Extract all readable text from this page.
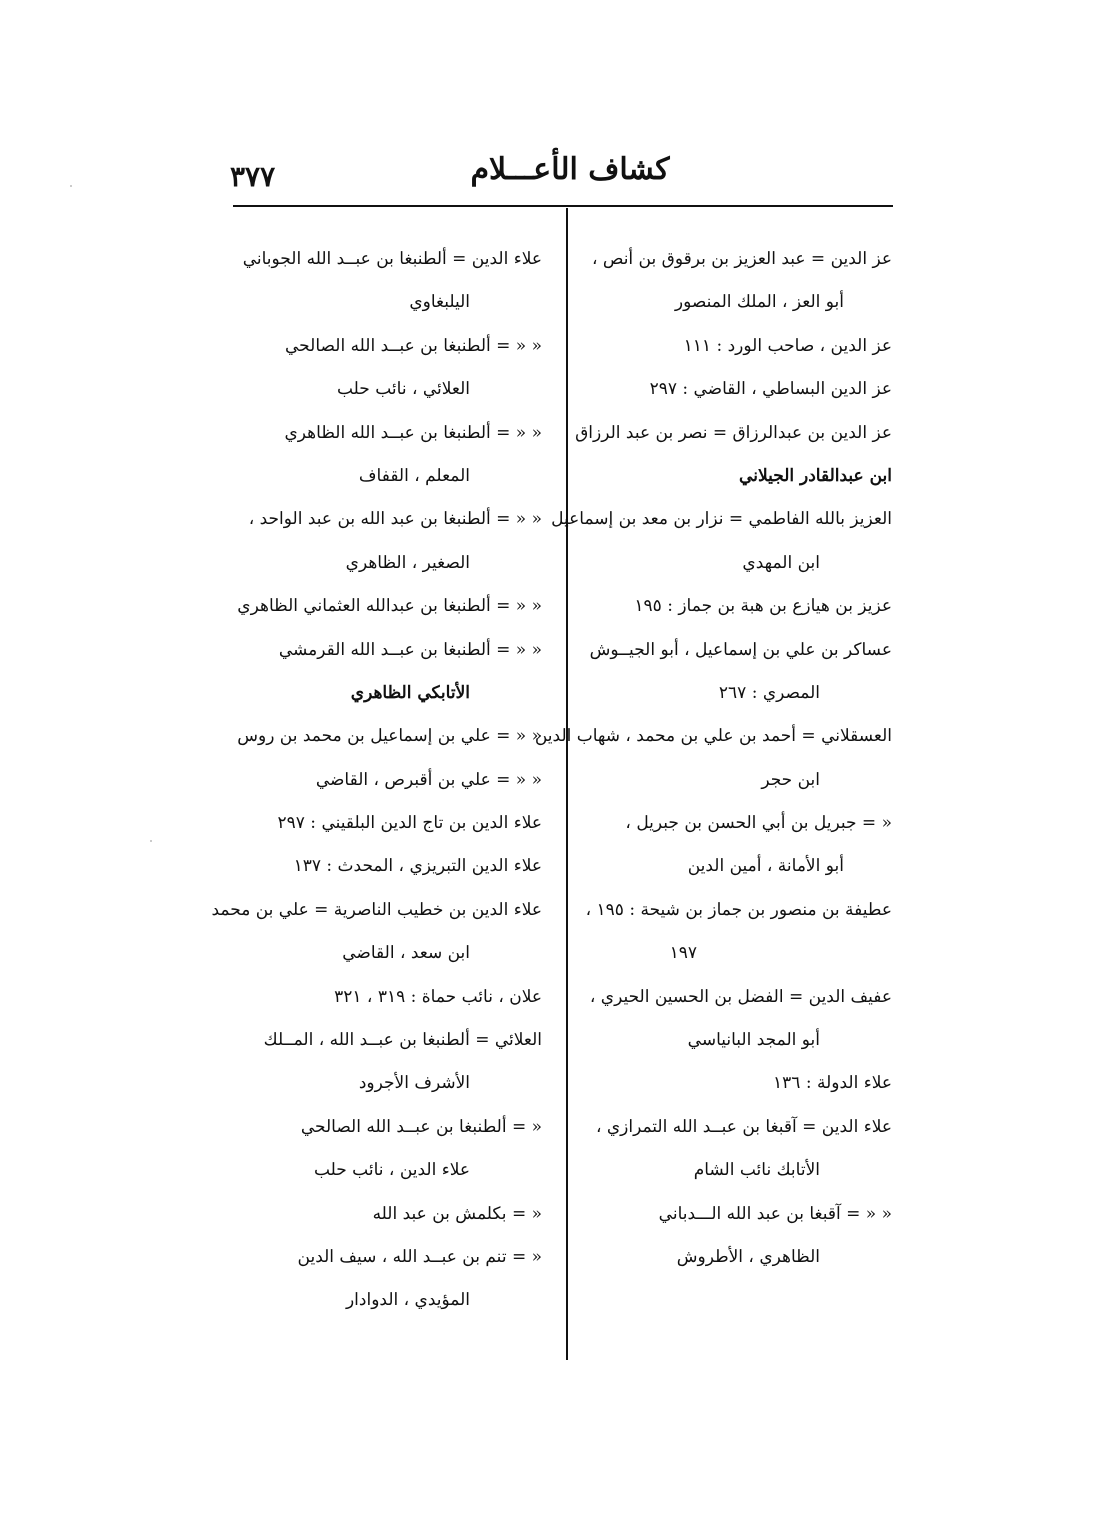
كشاف الأعـــلام
٣٧٧
عز الدين = عبد العزيز بن برقوق بن أنص ،
أبو العز ، الملك المنصور
عز الدين ، صاحب الورد : ١١١
عز الدين البساطي ، القاضي : ٢٩٧
عز الدين بن عبدالرزاق = نصر بن عبد الرزاق
ابن عبدالقادر الجيلاني
العزيز بالله الفاطمي = نزار بن معد بن إسماعيل
ابن المهدي
عزيز بن هيازع بن هبة بن جماز : ١٩٥
عساكر بن علي بن إسماعيل ، أبو الجيــوش
المصري : ٢٦٧
العسقلاني = أحمد بن علي بن محمد ، شهاب الدين
ابن حجر
« = جبريل بن أبي الحسن بن جبريل ،
أبو الأمانة ، أمين الدين
عطيفة بن منصور بن جماز بن شيحة : ١٩٥ ،
١٩٧
عفيف الدين = الفضل بن الحسين الحيري ،
أبو المجد البانياسي
علاء الدولة : ١٣٦
علاء الدين = آقبغا بن عبــد الله التمرازي ،
الأتابك نائب الشام
« « = آقبغا بن عبد الله الـــدباني
الظاهري ، الأطروش
علاء الدين = ألطنبغا بن عبــد الله الجوباني
اليلبغاوي
« « = ألطنبغا بن عبــد الله الصالحي
العلائي ، نائب حلب
« « = ألطنبغا بن عبــد الله الظاهري
المعلم ، القفاف
« « = ألطنبغا بن عبد الله بن عبد الواحد ،
الصغير ، الظاهري
« « = ألطنبغا بن عبدالله العثماني الظاهري
« « = ألطنبغا بن عبــد الله القرمشي
الأتابكي الظاهري
« « = علي بن إسماعيل بن محمد بن روس
« « = علي بن أقبرص ، القاضي
علاء الدين بن تاج الدين البلقيني : ٢٩٧
علاء الدين التبريزي ، المحدث : ١٣٧
علاء الدين بن خطيب الناصرية = علي بن محمد
ابن سعد ، القاضي
علان ، نائب حماة : ٣١٩ ، ٣٢١
العلائي = ألطنبغا بن عبــد الله ، المــلك
الأشرف الأجرود
« = ألطنبغا بن عبــد الله الصالحي
علاء الدين ، نائب حلب
« = بكلمش بن عبد الله
« = تنم بن عبــد الله ، سيف الدين
المؤيدي ، الدوادار
